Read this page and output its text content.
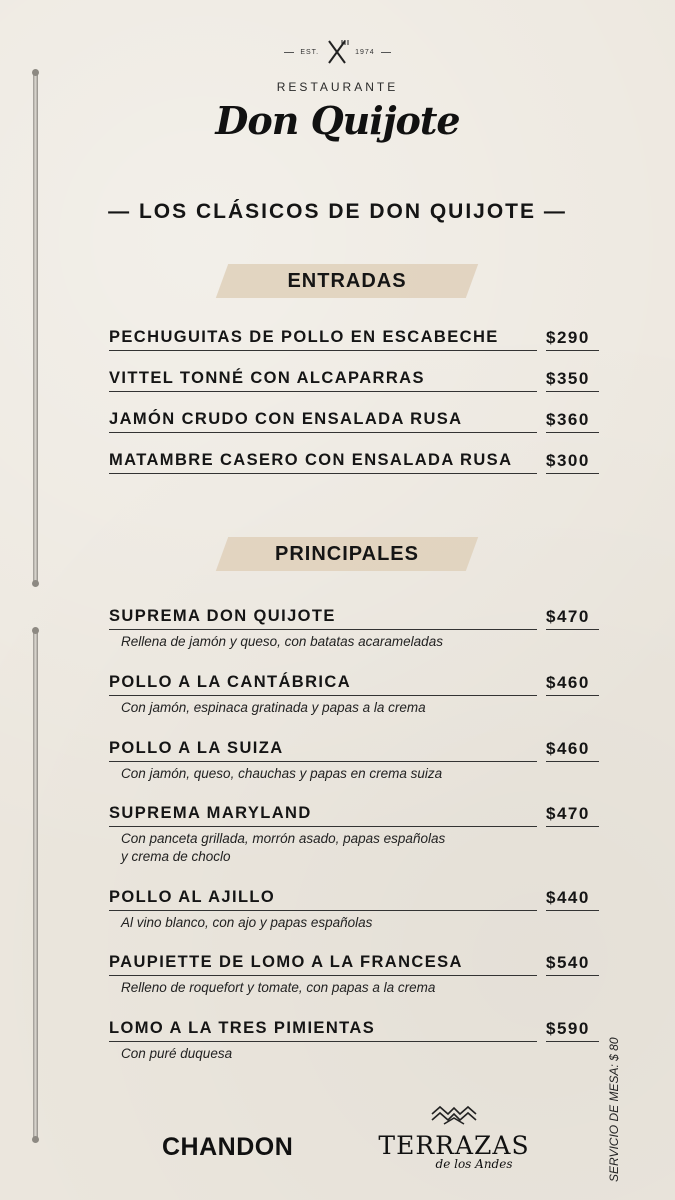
EST.	1974
RESTAURANTE
Don Quijote
— LOS CLÁSICOS DE DON QUIJOTE —
ENTRADAS
PECHUGUITAS DE POLLO EN ESCABECHE	$290
VITTEL TONNÉ CON ALCAPARRAS	$350
JAMÓN CRUDO CON ENSALADA RUSA	$360
MATAMBRE CASERO CON ENSALADA RUSA	$300
PRINCIPALES
SUPREMA DON QUIJOTE	$470
Rellena de jamón y queso, con batatas acarameladas
POLLO A LA CANTÁBRICA	$460
Con jamón, espinaca gratinada y papas a la crema
POLLO A LA SUIZA	$460
Con jamón, queso, chauchas y papas en crema suiza
SUPREMA MARYLAND	$470
Con panceta grillada, morrón asado, papas españolas
y crema de choclo
POLLO AL AJILLO	$440
Al vino blanco, con ajo y papas españolas
PAUPIETTE DE LOMO A LA FRANCESA	$540
Relleno de roquefort y tomate, con papas a la crema
LOMO A LA TRES PIMIENTAS	$590
Con puré duquesa	SERVICIO DE MESA: $ 80
CHANDON	TERRAZAS
de los Andes
